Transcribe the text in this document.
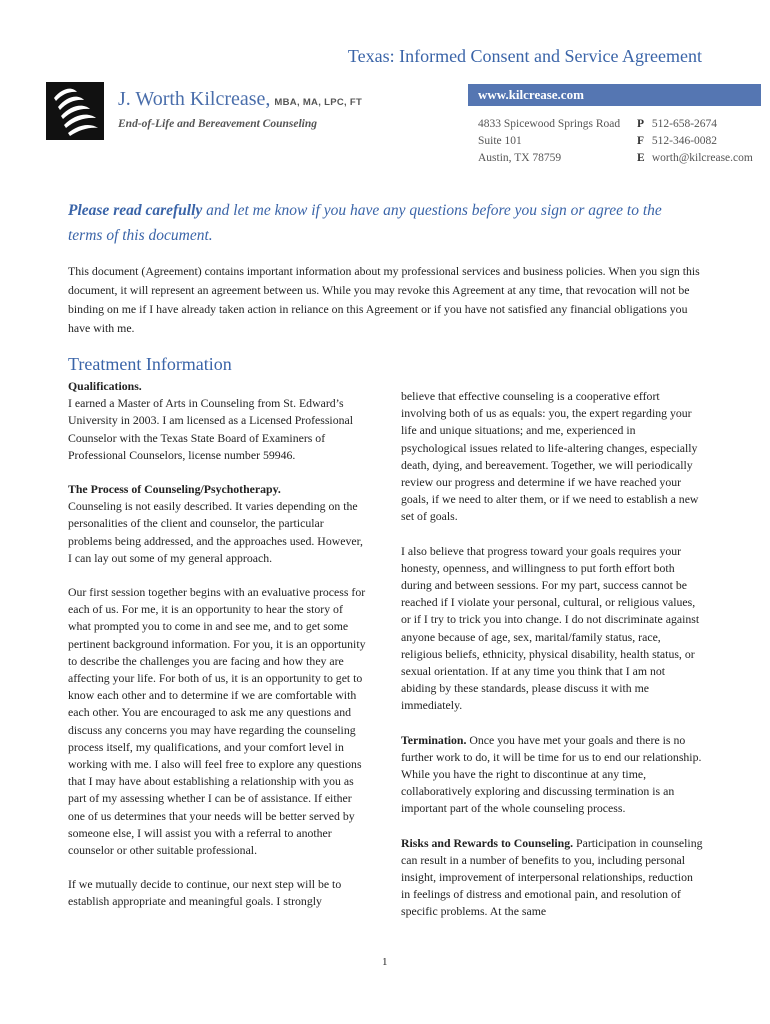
Texas: Informed Consent and Service Agreement
J. Worth Kilcrease, MBA, MA, LPC, FT
End-of-Life and Bereavement Counseling
www.kilcrease.com
4833 Spicewood Springs Road
Suite 101
Austin, TX 78759
P 512-658-2674
F 512-346-0082
E worth@kilcrease.com
Please read carefully and let me know if you have any questions before you sign or agree to the terms of this document.
This document (Agreement) contains important information about my professional services and business policies. When you sign this document, it will represent an agreement between us. While you may revoke this Agreement at any time, that revocation will not be binding on me if I have already taken action in reliance on this Agreement or if you have not satisfied any financial obligations you have with me.
Treatment Information

Qualifications.
I earned a Master of Arts in Counseling from St. Edward’s University in 2003. I am licensed as a Licensed Professional Counselor with the Texas State Board of Examiners of Professional Counselors, license number 59946.

The Process of Counseling/Psychotherapy.
Counseling is not easily described. It varies depending on the personalities of the client and counselor, the particular problems being addressed, and the approaches used. However, I can lay out some of my general approach.

Our first session together begins with an evaluative process for each of us. For me, it is an opportunity to hear the story of what prompted you to come in and see me, and to get some pertinent background information. For you, it is an opportunity to describe the challenges you are facing and how they are affecting your life. For both of us, it is an opportunity to get to know each other and to determine if we are comfortable with each other. You are encouraged to ask me any questions and discuss any concerns you may have regarding the counseling process itself, my qualifications, and your comfort level in working with me. I also will feel free to explore any questions that I may have about establishing a relationship with you as part of my assessing whether I can be of assistance. If either one of us determines that your needs will be better served by someone else, I will assist you with a referral to another counselor or other suitable professional.

If we mutually decide to continue, our next step will be to establish appropriate and meaningful goals. I strongly

believe that effective counseling is a cooperative effort involving both of us as equals: you, the expert regarding your life and unique situations; and me, experienced in psychological issues related to life-altering changes, especially death, dying, and bereavement. Together, we will periodically review our progress and determine if we have reached your goals, if we need to alter them, or if we need to establish a new set of goals.

I also believe that progress toward your goals requires your honesty, openness, and willingness to put forth effort both during and between sessions. For my part, success cannot be reached if I violate your personal, cultural, or religious values, or if I try to trick you into change. I do not discriminate against anyone because of age, sex, marital/family status, race, religious beliefs, ethnicity, physical disability, health status, or sexual orientation. If at any time you think that I am not abiding by these standards, please discuss it with me immediately.

Termination. Once you have met your goals and there is no further work to do, it will be time for us to end our relationship. While you have the right to discontinue at any time, collaboratively exploring and discussing termination is an important part of the whole counseling process.

Risks and Rewards to Counseling. Participation in counseling can result in a number of benefits to you, including personal insight, improvement of interpersonal relationships, reduction in feelings of distress and emotional pain, and resolution of specific problems. At the same

1
